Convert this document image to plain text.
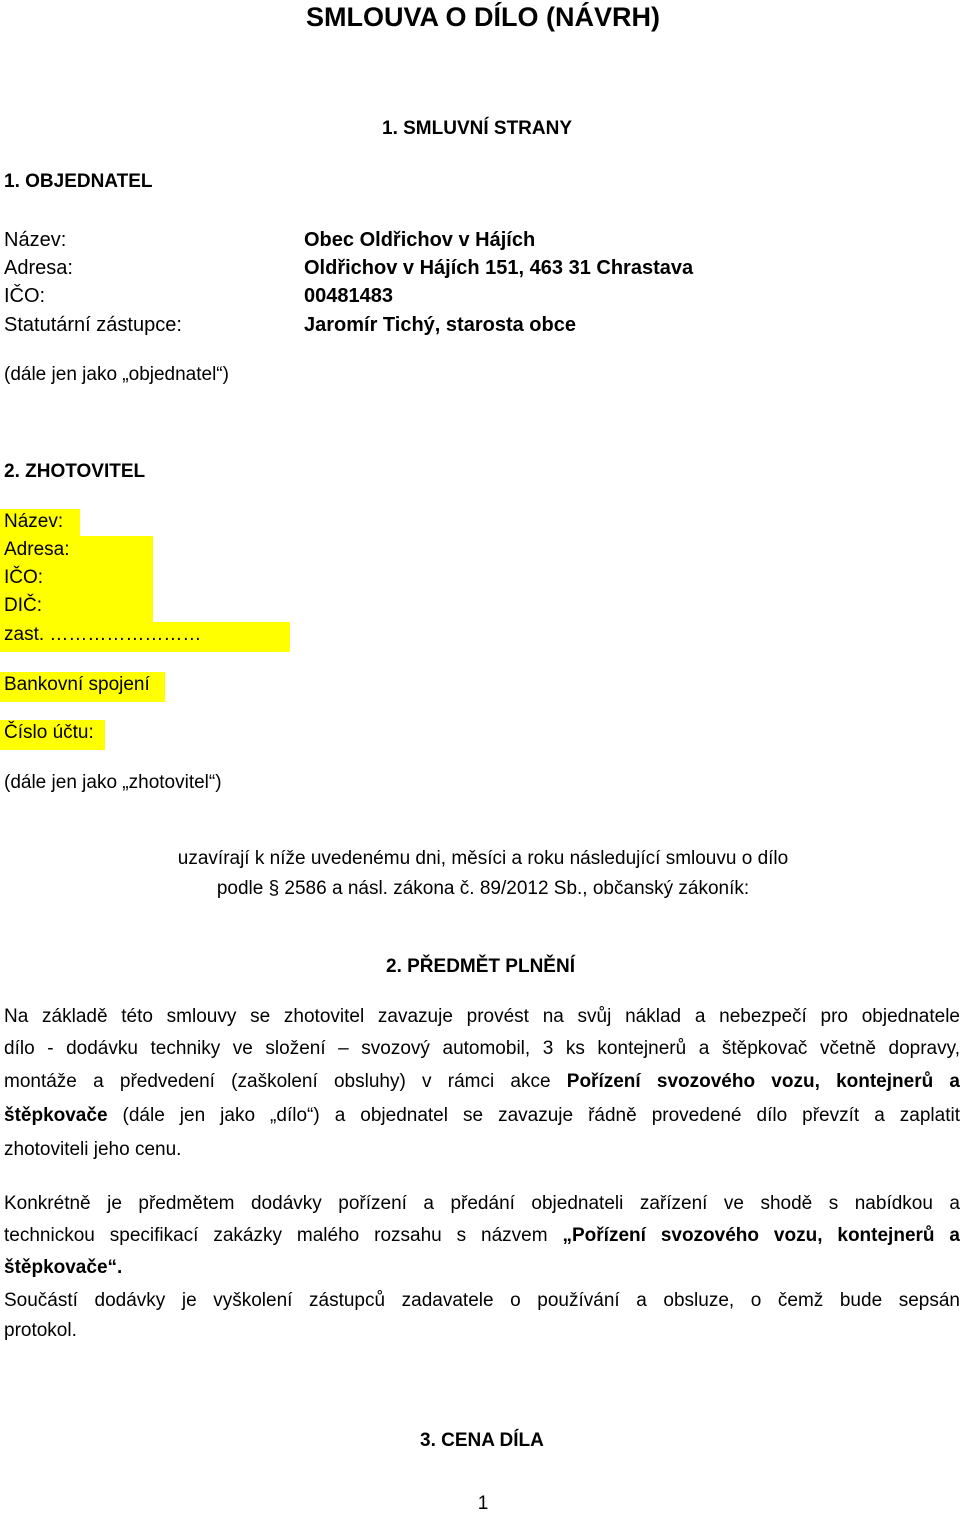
SMLOUVA O DÍLO (NÁVRH)
1. SMLUVNÍ STRANY
1. OBJEDNATEL
Název:	Obec Oldřichov v Hájích
Adresa:	Oldřichov v Hájích 151, 463 31 Chrastava
IČO:	00481483
Statutární zástupce:	Jaromír Tichý, starosta obce
(dále jen jako „objednatel“)
2. ZHOTOVITEL
Název:
Adresa:
IČO:
DIČ:
zast. ……………………
Bankovní spojení
Číslo účtu:
(dále jen jako „zhotovitel“)
uzavírají k níže uvedenému dni, měsíci a roku následující smlouvu o dílo
podle § 2586 a násl. zákona č. 89/2012 Sb., občanský zákoník:
2. PŘEDMĚT PLNĚNÍ
Na základě této smlouvy se zhotovitel zavazuje provést na svůj náklad a nebezpečí pro objednatele
dílo - dodávku techniky ve složení – svozový automobil, 3 ks kontejnerů a štěpkovač včetně dopravy,
montáže a předvedení (zaškolení obsluhy) v rámci akce Pořízení svozového vozu, kontejnerů a
štěpkovače (dále jen jako „dílo“) a objednatel se zavazuje řádně provedené dílo převzít a zaplatit
zhotoviteli jeho cenu.
Konkrétně je předmětem dodávky pořízení a předání objednateli zařízení ve shodě s nabídkou a
technickou specifikací zakázky malého rozsahu s názvem „Pořízení svozového vozu, kontejnerů a
štěpkovače“.
Součástí dodávky je vyškolení zástupců zadavatele o používání a obsluze, o čemž bude sepsán
protokol.
3. CENA DÍLA
1
